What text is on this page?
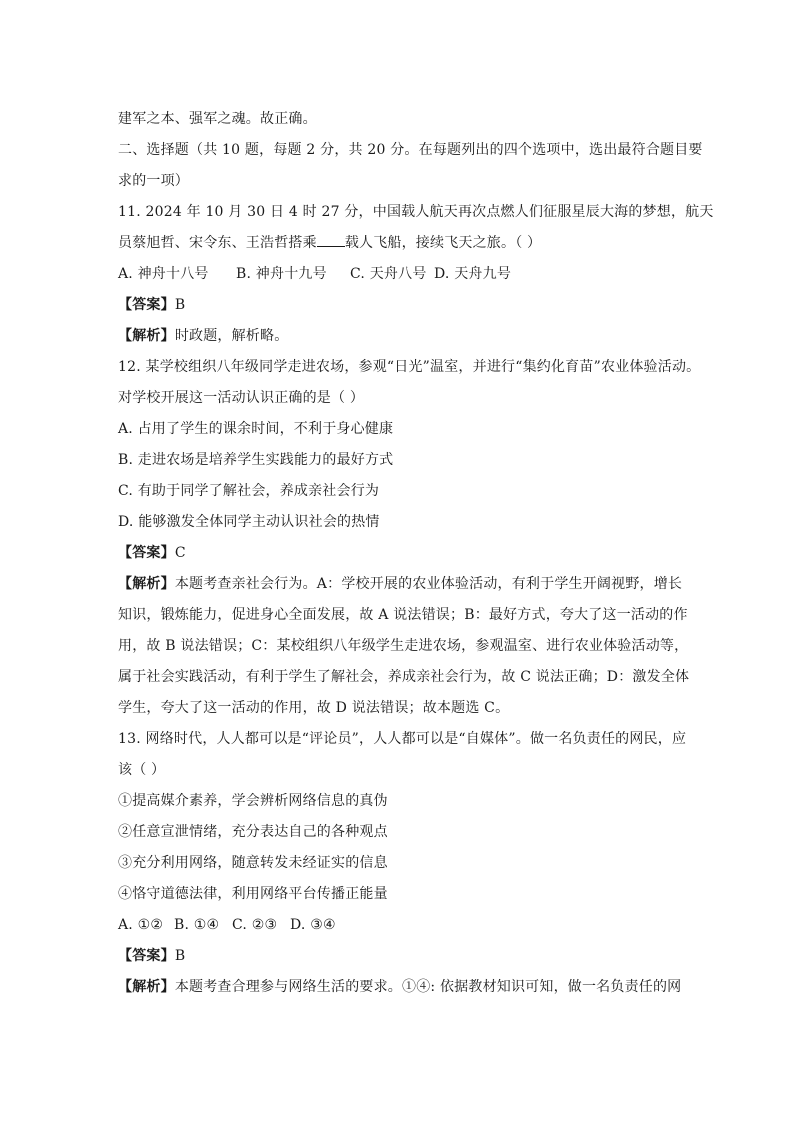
建军之本、强军之魂。故正确。
二、选择题（共 10 题，每题 2 分，共 20 分。在每题列出的四个选项中，选出最符合题目要
求的一项）
11. 2024 年 10 月 30 日 4 时 27 分，中国载人航天再次点燃人们征服星辰大海的梦想，航天
员蔡旭哲、宋令东、王浩哲搭乘 载人飞船，接续飞天之旅。（ ）
A. 神舟十八号 B. 神舟十九号 C. 天舟八号 D. 天舟九号
【答案】B
【解析】时政题，解析略。
12. 某学校组织八年级同学走进农场，参观“日光”温室，并进行“集约化育苗”农业体验活动。
对学校开展这一活动认识正确的是（ ）
A. 占用了学生的课余时间，不利于身心健康
B. 走进农场是培养学生实践能力的最好方式
C. 有助于同学了解社会，养成亲社会行为
D. 能够激发全体同学主动认识社会的热情
【答案】C
【解析】本题考查亲社会行为。A：学校开展的农业体验活动，有利于学生开阔视野，增长
知识，锻炼能力，促进身心全面发展，故 A 说法错误；B：最好方式，夸大了这一活动的作
用，故 B 说法错误；C：某校组织八年级学生走进农场，参观温室、进行农业体验活动等，
属于社会实践活动，有利于学生了解社会，养成亲社会行为，故 C 说法正确；D：激发全体
学生，夸大了这一活动的作用，故 D 说法错误；故本题选 C。
13. 网络时代，人人都可以是“评论员”，人人都可以是“自媒体”。做一名负责任的网民，应
该（ ）
①提高媒介素养，学会辨析网络信息的真伪
②任意宣泄情绪，充分表达自己的各种观点
③充分利用网络，随意转发未经证实的信息
④恪守道德法律，利用网络平台传播正能量
A. ①② B. ①④ C. ②③ D. ③④
【答案】B
【解析】本题考查合理参与网络生活的要求。①④: 依据教材知识可知，做一名负责任的网
